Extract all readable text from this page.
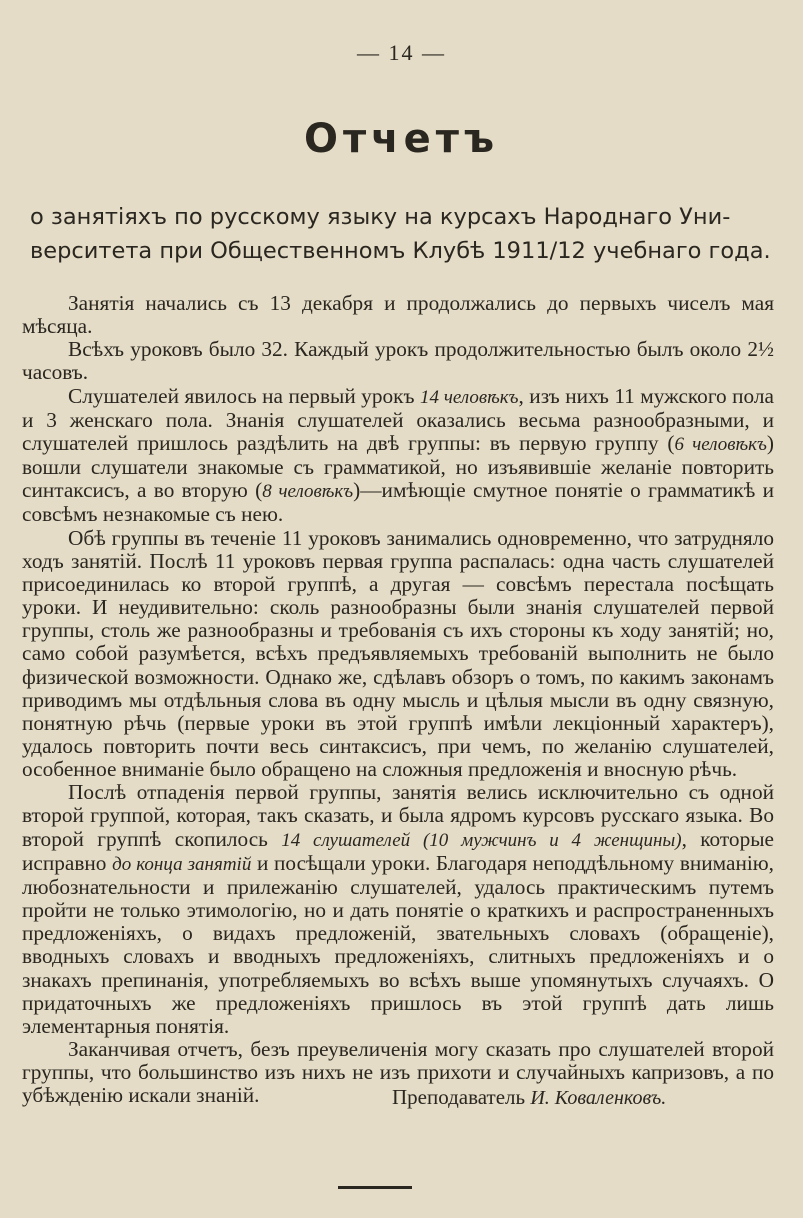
— 14 —
Отчетъ
о занятіяхъ по русскому языку на курсахъ Народнаго Уни-
верситета при Общественномъ Клубѣ 1911/12 учебнаго года.

Занятія начались съ 13 декабря и продолжались до первыхъ чиселъ мая мѣсяца.

Всѣхъ уроковъ было 32. Каждый урокъ продолжительностью былъ около 2½ часовъ.

Слушателей явилось на первый урокъ 14 человѣкъ, изъ нихъ 11 мужского пола и 3 женскаго пола. Знанія слушателей оказались весьма разнообразными, и слушателей пришлось раздѣлить на двѣ группы: въ первую группу (6 человѣкъ) вошли слушатели знакомые съ грамматикой, но изъявившіе желаніе повторить синтаксисъ, а во вторую (8 человѣкъ)—имѣющіе смутное понятіе о грамматикѣ и совсѣмъ незнакомые съ нею.

Обѣ группы въ теченіе 11 уроковъ занимались одновременно, что затрудняло ходъ занятій. Послѣ 11 уроковъ первая группа распалась: одна часть слушателей присоединилась ко второй группѣ, а другая — совсѣмъ перестала посѣщать уроки. И неудивительно: сколь разнообразны были знанія слушателей первой группы, столь же разнообразны и требованія съ ихъ стороны къ ходу занятій; но, само собой разумѣется, всѣхъ предъявляемыхъ требованій выполнить не было физической возможности. Однако же, сдѣлавъ обзоръ о томъ, по какимъ законамъ приводимъ мы отдѣльныя слова въ одну мысль и цѣлыя мысли въ одну связную, понятную рѣчь (первые уроки въ этой группѣ имѣли лекціонный характеръ), удалось повторить почти весь синтаксисъ, при чемъ, по желанію слушателей, особенное вниманіе было обращено на сложныя предложенія и вносную рѣчь.

Послѣ отпаденія первой группы, занятія велись исключительно съ одной второй группой, которая, такъ сказать, и была ядромъ курсовъ русскаго языка. Во второй группѣ скопилось 14 слушателей (10 мужчинъ и 4 женщины), которые исправно до конца занятій и посѣщали уроки. Благодаря неподдѣльному вниманію, любознательности и прилежанію слушателей, удалось практическимъ путемъ пройти не только этимологію, но и дать понятіе о краткихъ и распространенныхъ предложеніяхъ, о видахъ предложеній, звательныхъ словахъ (обращеніе), вводныхъ словахъ и вводныхъ предложеніяхъ, слитныхъ предложеніяхъ и о знакахъ препинанія, употребляемыхъ во всѣхъ выше упомянутыхъ случаяхъ. О придаточныхъ же предложеніяхъ пришлось въ этой группѣ дать лишь элементарныя понятія.

Заканчивая отчетъ, безъ преувеличенія могу сказать про слушателей второй группы, что большинство изъ нихъ не изъ прихоти и случайныхъ капризовъ, а по убѣжденію искали знаній.	Преподаватель И. Коваленковъ.
